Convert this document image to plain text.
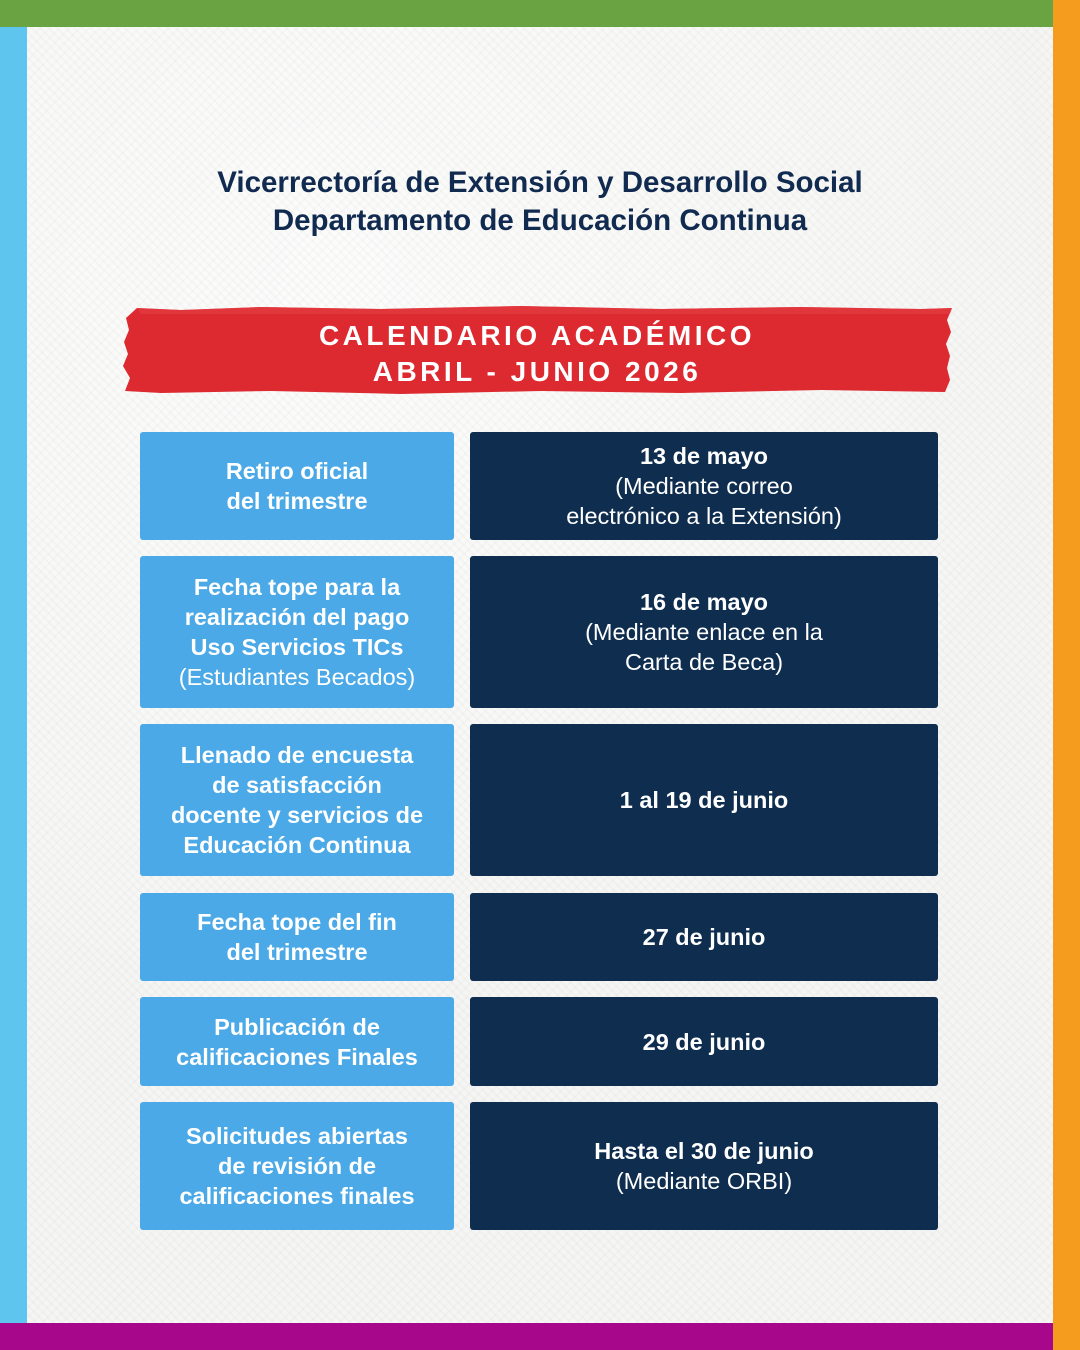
Vicerrectoría de Extensión y Desarrollo Social
Departamento de Educación Continua
CALENDARIO ACADÉMICO
ABRIL - JUNIO 2026
Retiro oficial
del trimestre
13 de mayo
(Mediante correo
electrónico a la Extensión)
Fecha tope para la
realización del pago
Uso Servicios TICs
(Estudiantes Becados)
16 de mayo
(Mediante enlace en la
Carta de Beca)
Llenado de encuesta
de satisfacción
docente y servicios de
Educación Continua
1 al 19 de junio
Fecha tope del fin
del trimestre
27 de junio
Publicación de
calificaciones Finales
29 de junio
Solicitudes abiertas
de revisión de
calificaciones finales
Hasta el 30 de junio
(Mediante ORBI)
